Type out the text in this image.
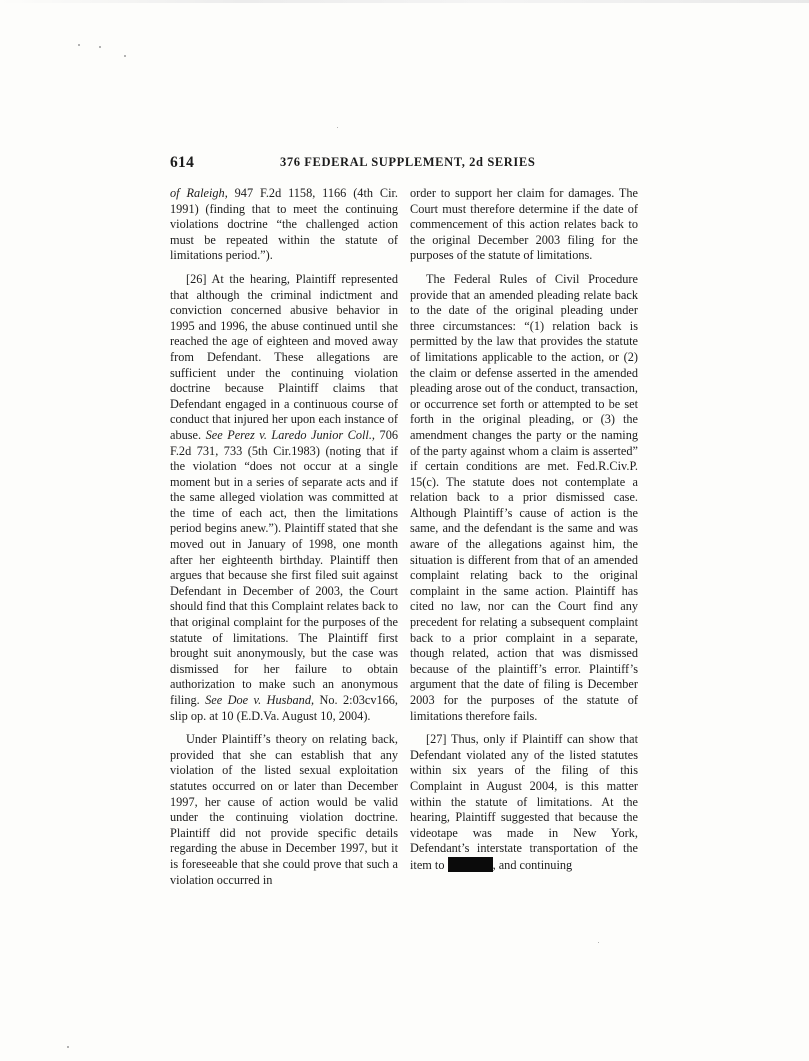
614	376 FEDERAL SUPPLEMENT, 2d SERIES

of Raleigh, 947 F.2d 1158, 1166 (4th Cir. 1991) (finding that to meet the continuing violations doctrine “the challenged action must be repeated within the statute of limitations period.”).

[26] At the hearing, Plaintiff represented that although the criminal indictment and conviction concerned abusive behavior in 1995 and 1996, the abuse continued until she reached the age of eighteen and moved away from Defendant. These allegations are sufficient under the continuing violation doctrine because Plaintiff claims that Defendant engaged in a continuous course of conduct that injured her upon each instance of abuse. See Perez v. Laredo Junior Coll., 706 F.2d 731, 733 (5th Cir.1983) (noting that if the violation “does not occur at a single moment but in a series of separate acts and if the same alleged violation was committed at the time of each act, then the limitations period begins anew.”). Plaintiff stated that she moved out in January of 1998, one month after her eighteenth birthday. Plaintiff then argues that because she first filed suit against Defendant in December of 2003, the Court should find that this Complaint relates back to that original complaint for the purposes of the statute of limitations. The Plaintiff first brought suit anonymously, but the case was dismissed for her failure to obtain authorization to make such an anonymous filing. See Doe v. Husband, No. 2:03cv166, slip op. at 10 (E.D.Va. August 10, 2004).

Under Plaintiff’s theory on relating back, provided that she can establish that any violation of the listed sexual exploitation statutes occurred on or later than December 1997, her cause of action would be valid under the continuing violation doctrine. Plaintiff did not provide specific details regarding the abuse in December 1997, but it is foreseeable that she could prove that such a violation occurred in

order to support her claim for damages. The Court must therefore determine if the date of commencement of this action relates back to the original December 2003 filing for the purposes of the statute of limitations.

The Federal Rules of Civil Procedure provide that an amended pleading relate back to the date of the original pleading under three circumstances: “(1) relation back is permitted by the law that provides the statute of limitations applicable to the action, or (2) the claim or defense asserted in the amended pleading arose out of the conduct, transaction, or occurrence set forth or attempted to be set forth in the original pleading, or (3) the amendment changes the party or the naming of the party against whom a claim is asserted” if certain conditions are met. Fed.R.Civ.P. 15(c). The statute does not contemplate a relation back to a prior dismissed case. Although Plaintiff’s cause of action is the same, and the defendant is the same and was aware of the allegations against him, the situation is different from that of an amended complaint relating back to the original complaint in the same action. Plaintiff has cited no law, nor can the Court find any precedent for relating a subsequent complaint back to a prior complaint in a separate, though related, action that was dismissed because of the plaintiff’s error. Plaintiff’s argument that the date of filing is December 2003 for the purposes of the statute of limitations therefore fails.

[27] Thus, only if Plaintiff can show that Defendant violated any of the listed statutes within six years of the filing of this Complaint in August 2004, is this matter within the statute of limitations. At the hearing, Plaintiff suggested that because the videotape was made in New York, Defendant’s interstate transportation of the item to	, and continuing
